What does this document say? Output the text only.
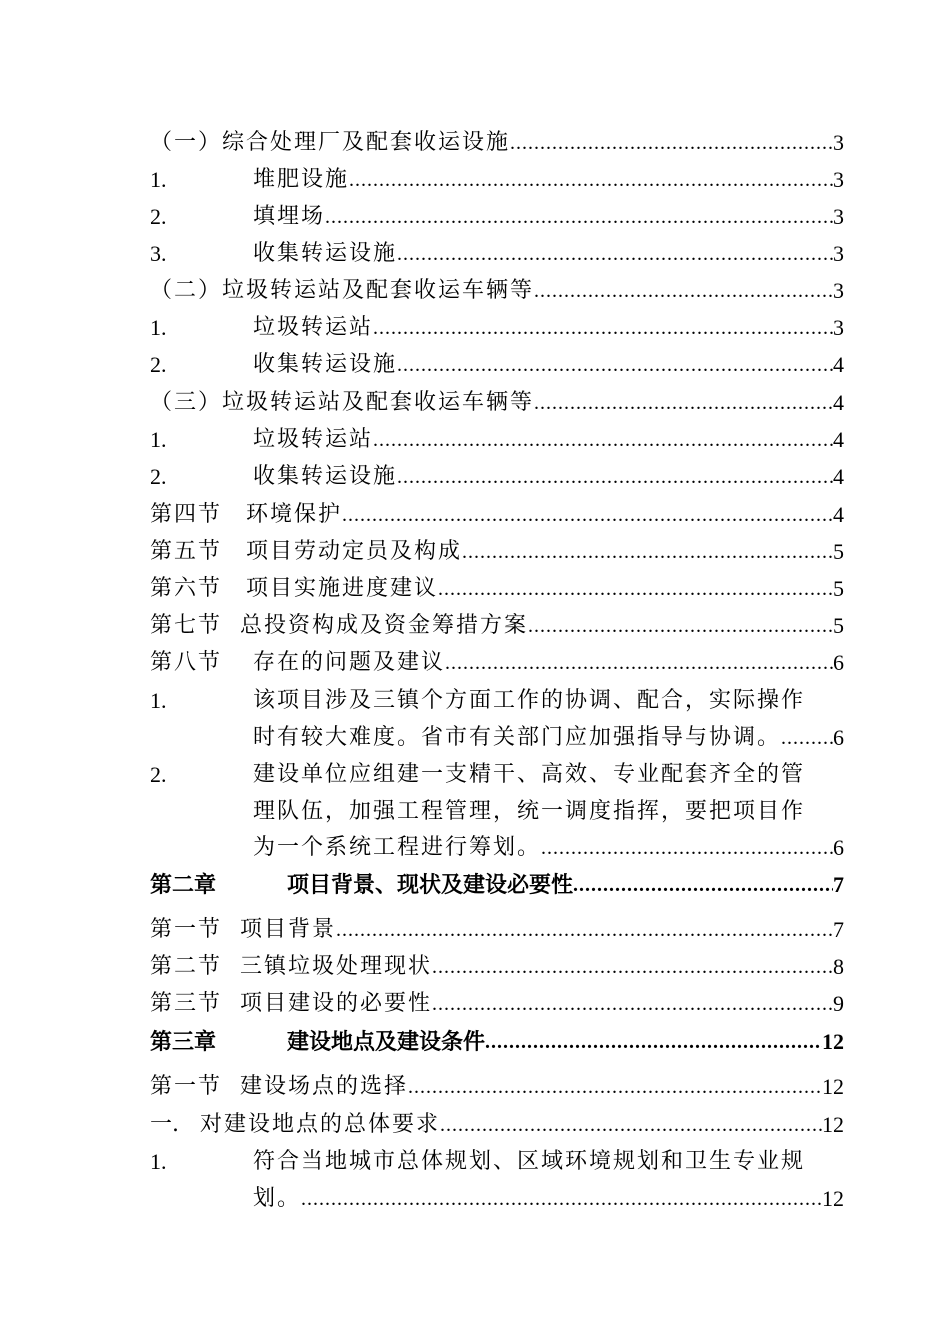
（一）综合处理厂及配套收运设施 .....	3
1.	堆肥设施 .....	3
2.	填埋场 .....	3
3.	收集转运设施 .....	3
（二）垃圾转运站及配套收运车辆等 .....	3
1.	垃圾转运站 .....	3
2.	收集转运设施 .....	4
（三）垃圾转运站及配套收运车辆等 .....	4
1.	垃圾转运站 .....	4
2.	收集转运设施 .....	4
第四节	环境保护 .....	4
第五节	项目劳动定员及构成 .....	5
第六节	项目实施进度建议 .....	5
第七节 总投资构成及资金筹措方案 .....	5
第八节	存在的问题及建议 .....	6
1.	该项目涉及三镇个方面工作的协调、配合，实际操作
时有较大难度。省市有关部门应加强指导与协调。 ..... 6
2.	建设单位应组建一支精干、高效、专业配套齐全的管
理队伍，加强工程管理，统一调度指挥，要把项目作
为一个系统工程进行筹划。 .....	6
第二章	项目背景、现状及建设必要性 .....	7
第一节 项目背景 .....	7
第二节 三镇垃圾处理现状 .....	8
第三节 项目建设的必要性 .....	9
第三章	建设地点及建设条件 .....	12
第一节 建设场点的选择 .....	12
一. 对建设地点的总体要求 .....	12
1.	符合当地城市总体规划、区域环境规划和卫生专业规
划。 .....	12
